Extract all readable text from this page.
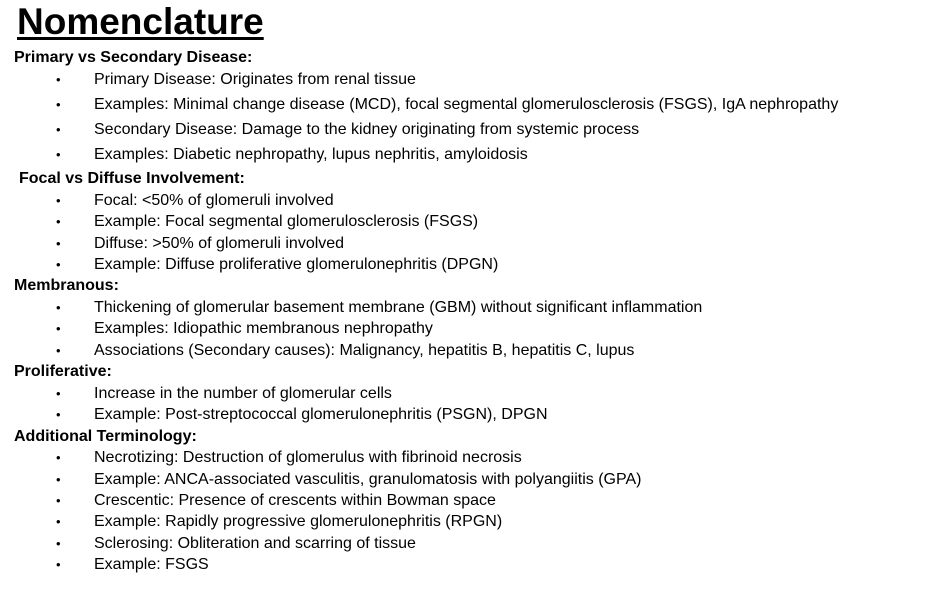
Nomenclature
Primary vs Secondary Disease:
•	Primary Disease: Originates from renal tissue
•	Examples: Minimal change disease (MCD), focal segmental glomerulosclerosis (FSGS), IgA nephropathy
•	Secondary Disease: Damage to the kidney originating from systemic process
•	Examples: Diabetic nephropathy, lupus nephritis, amyloidosis
Focal vs Diffuse Involvement:
•	Focal: <50% of glomeruli involved
•	Example: Focal segmental glomerulosclerosis (FSGS)
•	Diffuse: >50% of glomeruli involved
•	Example: Diffuse proliferative glomerulonephritis (DPGN)
Membranous:
•	Thickening of glomerular basement membrane (GBM) without significant inflammation
•	Examples: Idiopathic membranous nephropathy
•	Associations (Secondary causes): Malignancy, hepatitis B, hepatitis C, lupus
Proliferative:
•	Increase in the number of glomerular cells
•	Example: Post-streptococcal glomerulonephritis (PSGN), DPGN
Additional Terminology:
•	Necrotizing: Destruction of glomerulus with fibrinoid necrosis
•	Example: ANCA-associated vasculitis, granulomatosis with polyangiitis (GPA)
•	Crescentic: Presence of crescents within Bowman space
•	Example: Rapidly progressive glomerulonephritis (RPGN)
•	Sclerosing: Obliteration and scarring of tissue
•	Example: FSGS
